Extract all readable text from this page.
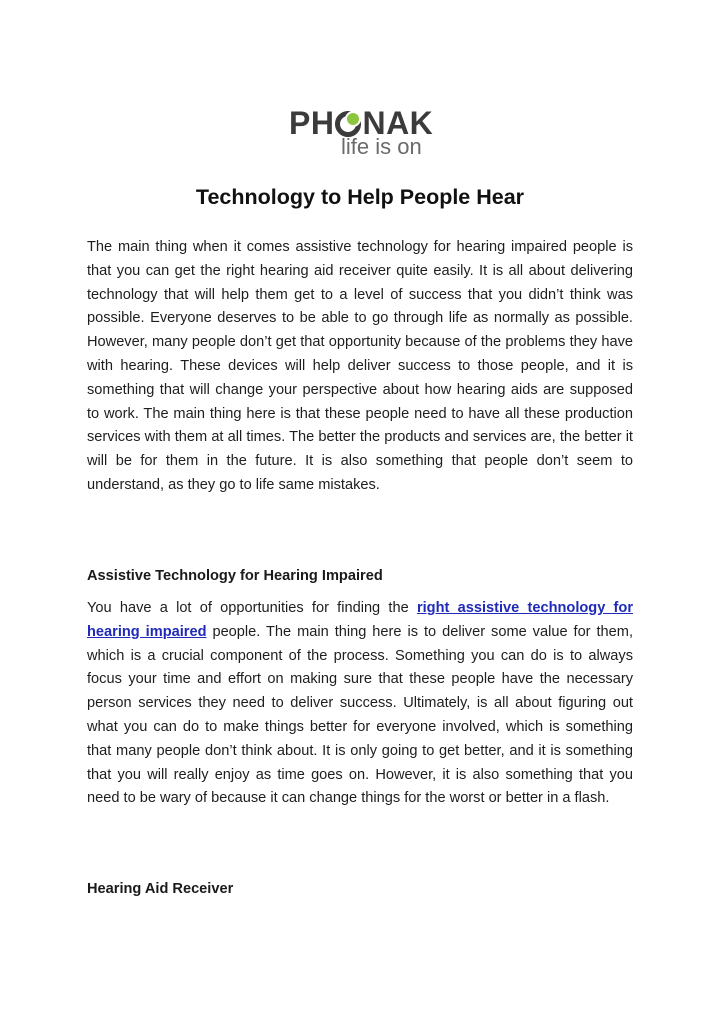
PH NAK
life is on
Technology to Help People Hear

The main thing when it comes assistive technology for hearing impaired people is that you can get the right hearing aid receiver quite easily. It is all about delivering technology that will help them get to a level of success that you didn’t think was possible. Everyone deserves to be able to go through life as normally as possible. However, many people don’t get that opportunity because of the problems they have with hearing. These devices will help deliver success to those people, and it is something that will change your perspective about how hearing aids are supposed to work. The main thing here is that these people need to have all these production services with them at all times. The better the products and services are, the better it will be for them in the future. It is also something that people don’t seem to understand, as they go to life same mistakes.

Assistive Technology for Hearing Impaired

You have a lot of opportunities for finding the right assistive technology for hearing impaired people. The main thing here is to deliver some value for them, which is a crucial component of the process. Something you can do is to always focus your time and effort on making sure that these people have the necessary person services they need to deliver success. Ultimately, is all about figuring out what you can do to make things better for everyone involved, which is something that many people don’t think about. It is only going to get better, and it is something that you will really enjoy as time goes on. However, it is also something that you need to be wary of because it can change things for the worst or better in a flash.

Hearing Aid Receiver
